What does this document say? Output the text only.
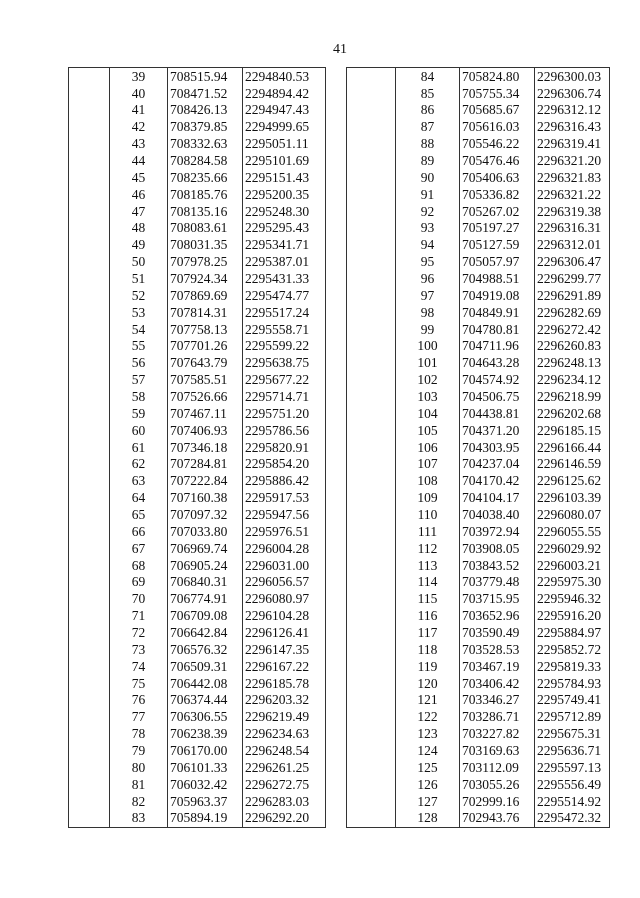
41
	39	708515.94	2294840.53
	40	708471.52	2294894.42
	41	708426.13	2294947.43
	42	708379.85	2294999.65
	43	708332.63	2295051.11
	44	708284.58	2295101.69
	45	708235.66	2295151.43
	46	708185.76	2295200.35
	47	708135.16	2295248.30
	48	708083.61	2295295.43
	49	708031.35	2295341.71
	50	707978.25	2295387.01
	51	707924.34	2295431.33
	52	707869.69	2295474.77
	53	707814.31	2295517.24
	54	707758.13	2295558.71
	55	707701.26	2295599.22
	56	707643.79	2295638.75
	57	707585.51	2295677.22
	58	707526.66	2295714.71
	59	707467.11	2295751.20
	60	707406.93	2295786.56
	61	707346.18	2295820.91
	62	707284.81	2295854.20
	63	707222.84	2295886.42
	64	707160.38	2295917.53
	65	707097.32	2295947.56
	66	707033.80	2295976.51
	67	706969.74	2296004.28
	68	706905.24	2296031.00
	69	706840.31	2296056.57
	70	706774.91	2296080.97
	71	706709.08	2296104.28
	72	706642.84	2296126.41
	73	706576.32	2296147.35
	74	706509.31	2296167.22
	75	706442.08	2296185.78
	76	706374.44	2296203.32
	77	706306.55	2296219.49
	78	706238.39	2296234.63
	79	706170.00	2296248.54
	80	706101.33	2296261.25
	81	706032.42	2296272.75
	82	705963.37	2296283.03
	83	705894.19	2296292.20
	84	705824.80	2296300.03
	85	705755.34	2296306.74
	86	705685.67	2296312.12
	87	705616.03	2296316.43
	88	705546.22	2296319.41
	89	705476.46	2296321.20
	90	705406.63	2296321.83
	91	705336.82	2296321.22
	92	705267.02	2296319.38
	93	705197.27	2296316.31
	94	705127.59	2296312.01
	95	705057.97	2296306.47
	96	704988.51	2296299.77
	97	704919.08	2296291.89
	98	704849.91	2296282.69
	99	704780.81	2296272.42
	100	704711.96	2296260.83
	101	704643.28	2296248.13
	102	704574.92	2296234.12
	103	704506.75	2296218.99
	104	704438.81	2296202.68
	105	704371.20	2296185.15
	106	704303.95	2296166.44
	107	704237.04	2296146.59
	108	704170.42	2296125.62
	109	704104.17	2296103.39
	110	704038.40	2296080.07
	111	703972.94	2296055.55
	112	703908.05	2296029.92
	113	703843.52	2296003.21
	114	703779.48	2295975.30
	115	703715.95	2295946.32
	116	703652.96	2295916.20
	117	703590.49	2295884.97
	118	703528.53	2295852.72
	119	703467.19	2295819.33
	120	703406.42	2295784.93
	121	703346.27	2295749.41
	122	703286.71	2295712.89
	123	703227.82	2295675.31
	124	703169.63	2295636.71
	125	703112.09	2295597.13
	126	703055.26	2295556.49
	127	702999.16	2295514.92
	128	702943.76	2295472.32
